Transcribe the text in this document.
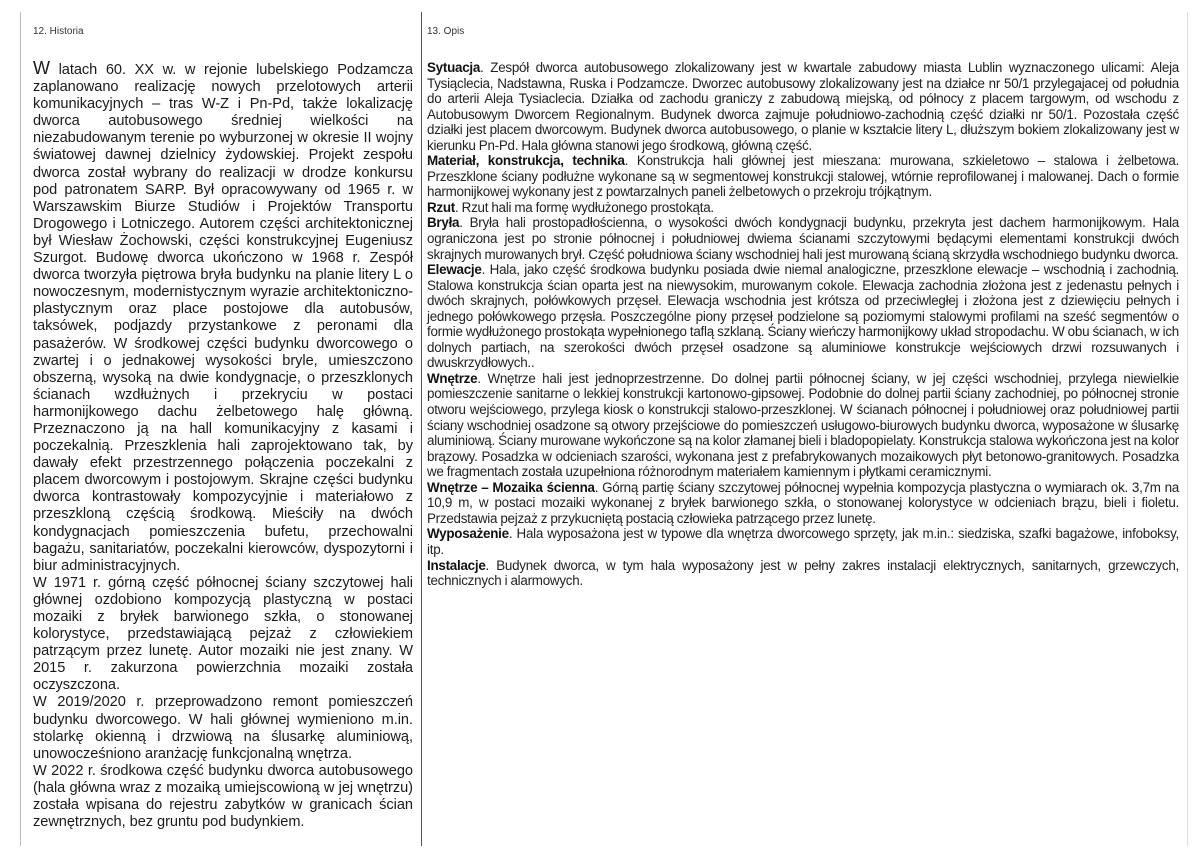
12. Historia

W latach 60. XX w. w rejonie lubelskiego Podzamcza zaplanowano realizację nowych przelotowych arterii komunikacyjnych – tras W-Z i Pn-Pd, także lokalizację dworca autobusowego średniej wielkości na niezabudowanym terenie po wyburzonej w okresie II wojny światowej dawnej dzielnicy żydowskiej. Projekt zespołu dworca został wybrany do realizacji w drodze konkursu pod patronatem SARP. Był opracowywany od 1965 r. w Warszawskim Biurze Studiów i Projektów Transportu Drogowego i Lotniczego. Autorem części architektonicznej był Wiesław Żochowski, części konstrukcyjnej Eugeniusz Szurgot. Budowę dworca ukończono w 1968 r. Zespół dworca tworzyła piętrowa bryła budynku na planie litery L o nowoczesnym, modernistycznym wyrazie architektoniczno-plastycznym oraz place postojowe dla autobusów, taksówek, podjazdy przystankowe z peronami dla pasażerów. W środkowej części budynku dworcowego o zwartej i o jednakowej wysokości bryle, umieszczono obszerną, wysoką na dwie kondygnacje, o przeszklonych ścianach wzdłużnych i przekryciu w postaci harmonijkowego dachu żelbetowego halę główną. Przeznaczono ją na hall komunikacyjny z kasami i poczekalnią. Przeszklenia hali zaprojektowano tak, by dawały efekt przestrzennego połączenia poczekalni z placem dworcowym i postojowym. Skrajne części budynku dworca kontrastowały kompozycyjnie i materiałowo z przeszkloną częścią środkową. Mieściły na dwóch kondygnacjach pomieszczenia bufetu, przechowalni bagażu, sanitariatów, poczekalni kierowców, dyspozytorni i biur administracyjnych.

W 1971 r. górną część północnej ściany szczytowej hali głównej ozdobiono kompozycją plastyczną w postaci mozaiki z bryłek barwionego szkła, o stonowanej kolorystyce, przedstawiającą pejzaż z człowiekiem patrzącym przez lunetę. Autor mozaiki nie jest znany. W 2015 r. zakurzona powierzchnia mozaiki została oczyszczona.

W 2019/2020 r. przeprowadzono remont pomieszczeń budynku dworcowego. W hali głównej wymieniono m.in. stolarkę okienną i drzwiową na ślusarkę aluminiową, unowocześniono aranżację funkcjonalną wnętrza.

W 2022 r. środkowa część budynku dworca autobusowego (hala główna wraz z mozaiką umiejscowioną w jej wnętrzu) została wpisana do rejestru zabytków w granicach ścian zewnętrznych, bez gruntu pod budynkiem.

13. Opis

Sytuacja. Zespół dworca autobusowego zlokalizowany jest w kwartale zabudowy miasta Lublin wyznaczonego ulicami: Aleja Tysiąclecia, Nadstawna, Ruska i Podzamcze. Dworzec autobusowy zlokalizowany jest na działce nr 50/1 przylegajacej od południa do arterii Aleja Tysiaclecia. Działka od zachodu graniczy z zabudową miejską, od północy z placem targowym, od wschodu z Autobusowym Dworcem Regionalnym. Budynek dworca zajmuje południowo-zachodnią część działki nr 50/1. Pozostała część działki jest placem dworcowym. Budynek dworca autobusowego, o planie w kształcie litery L, dłuższym bokiem zlokalizowany jest w kierunku Pn-Pd. Hala główna stanowi jego środkową, główną część.

Materiał, konstrukcja, technika. Konstrukcja hali głównej jest mieszana: murowana, szkieletowo – stalowa i żelbetowa. Przeszklone ściany podłużne wykonane są w segmentowej konstrukcji stalowej, wtórnie reprofilowanej i malowanej. Dach o formie harmonijkowej wykonany jest z powtarzalnych paneli żelbetowych o przekroju trójkątnym.

Rzut. Rzut hali ma formę wydłużonego prostokąta.

Bryła. Bryła hali prostopadłościenna, o wysokości dwóch kondygnacji budynku, przekryta jest dachem harmonijkowym. Hala ograniczona jest po stronie północnej i południowej dwiema ścianami szczytowymi będącymi elementami konstrukcji dwóch skrajnych murowanych brył. Część południowa ściany wschodniej hali jest murowaną ścianą skrzydła wschodniego budynku dworca.

Elewacje. Hala, jako część środkowa budynku posiada dwie niemal analogiczne, przeszklone elewacje – wschodnią i zachodnią. Stalowa konstrukcja ścian oparta jest na niewysokim, murowanym cokole. Elewacja zachodnia złożona jest z jedenastu pełnych i dwóch skrajnych, połówkowych przęseł. Elewacja wschodnia jest krótsza od przeciwległej i złożona jest z dziewięciu pełnych i jednego połówkowego przęsła. Poszczególne piony przęseł podzielone są poziomymi stalowymi profilami na sześć segmentów o formie wydłużonego prostokąta wypełnionego taflą szklaną. Ściany wieńczy harmonijkowy układ stropodachu. W obu ścianach, w ich dolnych partiach, na szerokości dwóch przęseł osadzone są aluminiowe konstrukcje wejściowych drzwi rozsuwanych i dwuskrzydłowych..

Wnętrze. Wnętrze hali jest jednoprzestrzenne. Do dolnej partii północnej ściany, w jej części wschodniej, przylega niewielkie pomieszczenie sanitarne o lekkiej konstrukcji kartonowo-gipsowej. Podobnie do dolnej partii ściany zachodniej, po północnej stronie otworu wejściowego, przylega kiosk o konstrukcji stalowo-przeszklonej. W ścianach północnej i południowej oraz południowej partii ściany wschodniej osadzone są otwory przejściowe do pomieszczeń usługowo-biurowych budynku dworca, wyposażone w ślusarkę aluminiową. Ściany murowane wykończone są na kolor złamanej bieli i bladopopielaty. Konstrukcja stalowa wykończona jest na kolor brązowy. Posadzka w odcieniach szarości, wykonana jest z prefabrykowanych mozaikowych płyt betonowo-granitowych. Posadzka we fragmentach została uzupełniona różnorodnym materiałem kamiennym i płytkami ceramicznymi.

Wnętrze – Mozaika ścienna. Górną partię ściany szczytowej północnej wypełnia kompozycja plastyczna o wymiarach ok. 3,7m na 10,9 m, w postaci mozaiki wykonanej z bryłek barwionego szkła, o stonowanej kolorystyce w odcieniach brązu, bieli i fioletu. Przedstawia pejzaż z przykucniętą postacią człowieka patrzącego przez lunetę.

Wyposażenie. Hala wyposażona jest w typowe dla wnętrza dworcowego sprzęty, jak m.in.: siedziska, szafki bagażowe, infoboksy, itp.

Instalacje. Budynek dworca, w tym hala wyposażony jest w pełny zakres instalacji elektrycznych, sanitarnych, grzewczych, technicznych i alarmowych.
